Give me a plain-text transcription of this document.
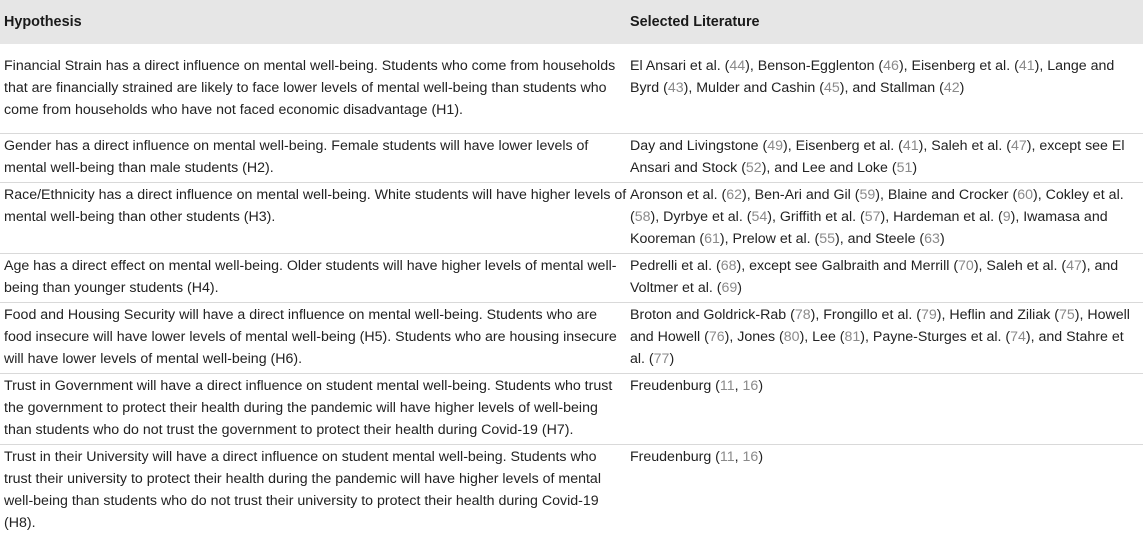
Hypothesis	Selected Literature
Financial Strain has a direct influence on mental well-being. Students who come from households that are financially strained are likely to face lower levels of mental well-being than students who come from households who have not faced economic disadvantage (H1).	El Ansari et al. (44), Benson-Egglenton (46), Eisenberg et al. (41), Lange and Byrd (43), Mulder and Cashin (45), and Stallman (42)
Gender has a direct influence on mental well-being. Female students will have lower levels of mental well-being than male students (H2).	Day and Livingstone (49), Eisenberg et al. (41), Saleh et al. (47), except see El Ansari and Stock (52), and Lee and Loke (51)
Race/Ethnicity has a direct influence on mental well-being. White students will have higher levels of mental well-being than other students (H3).	Aronson et al. (62), Ben-Ari and Gil (59), Blaine and Crocker (60), Cokley et al. (58), Dyrbye et al. (54), Griffith et al. (57), Hardeman et al. (9), Iwamasa and Kooreman (61), Prelow et al. (55), and Steele (63)
Age has a direct effect on mental well-being. Older students will have higher levels of mental well-being than younger students (H4).	Pedrelli et al. (68), except see Galbraith and Merrill (70), Saleh et al. (47), and Voltmer et al. (69)
Food and Housing Security will have a direct influence on mental well-being. Students who are food insecure will have lower levels of mental well-being (H5). Students who are housing insecure will have lower levels of mental well-being (H6).	Broton and Goldrick-Rab (78), Frongillo et al. (79), Heflin and Ziliak (75), Howell and Howell (76), Jones (80), Lee (81), Payne-Sturges et al. (74), and Stahre et al. (77)
Trust in Government will have a direct influence on student mental well-being. Students who trust the government to protect their health during the pandemic will have higher levels of well-being than students who do not trust the government to protect their health during Covid-19 (H7).	Freudenburg (11, 16)
Trust in their University will have a direct influence on student mental well-being. Students who trust their university to protect their health during the pandemic will have higher levels of mental well-being than students who do not trust their university to protect their health during Covid-19 (H8).	Freudenburg (11, 16)
